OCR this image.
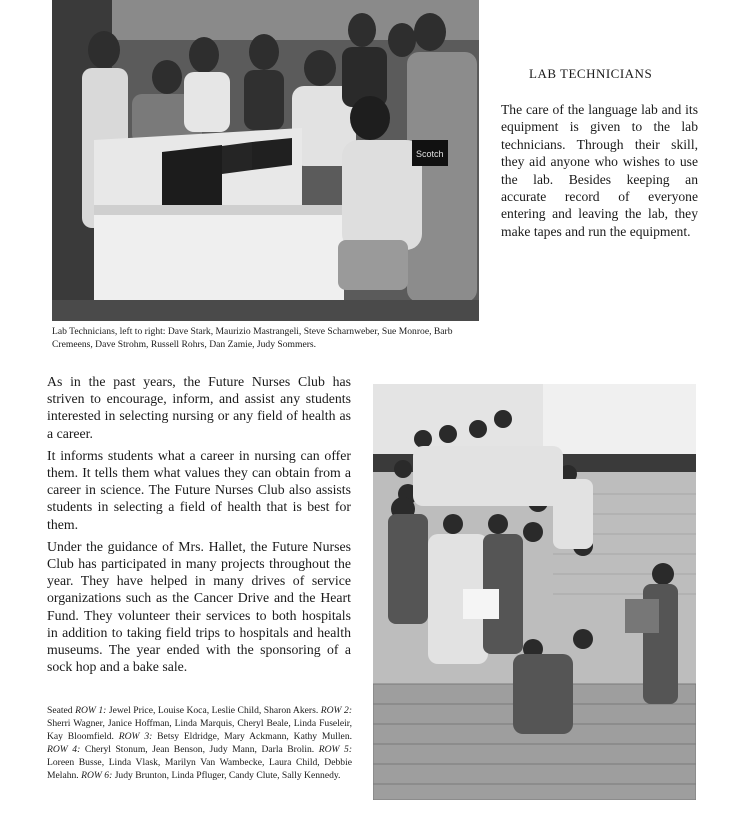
Scotch
LAB TECHNICIANS

The care of the language lab and its equipment is given to the lab technicians. Through their skill, they aid anyone who wishes to use the lab. Besides keeping an accurate record of everyone entering and leaving the lab, they make tapes and run the equipment.

Lab Technicians, left to right: Dave Stark, Maurizio Mastrangeli, Steve Scharnweber, Sue Monroe, Barb Cremeens, Dave Strohm, Russell Rohrs, Dan Zamie, Judy Sommers.

As in the past years, the Future Nurses Club has striven to encourage, inform, and assist any students interested in selecting nursing or any field of health as a career.

It informs students what a career in nursing can offer them. It tells them what values they can obtain from a career in science. The Future Nurses Club also assists students in selecting a field of health that is best for them.

Under the guidance of Mrs. Hallet, the Future Nurses Club has participated in many projects throughout the year. They have helped in many drives of service organizations such as the Cancer Drive and the Heart Fund. They volunteer their services to both hospitals in addition to taking field trips to hospitals and health museums. The year ended with the sponsoring of a sock hop and a bake sale.

Seated ROW 1: Jewel Price, Louise Koca, Leslie Child, Sharon Akers. ROW 2: Sherri Wagner, Janice Hoffman, Linda Marquis, Cheryl Beale, Linda Fuseleir, Kay Bloomfield. ROW 3: Betsy Eldridge, Mary Ackmann, Kathy Mullen. ROW 4: Cheryl Stonum, Jean Benson, Judy Mann, Darla Brolin. ROW 5: Loreen Busse, Linda Vlask, Marilyn Van Wambecke, Laura Child, Debbie Melahn. ROW 6: Judy Brunton, Linda Pfluger, Candy Clute, Sally Kennedy.
